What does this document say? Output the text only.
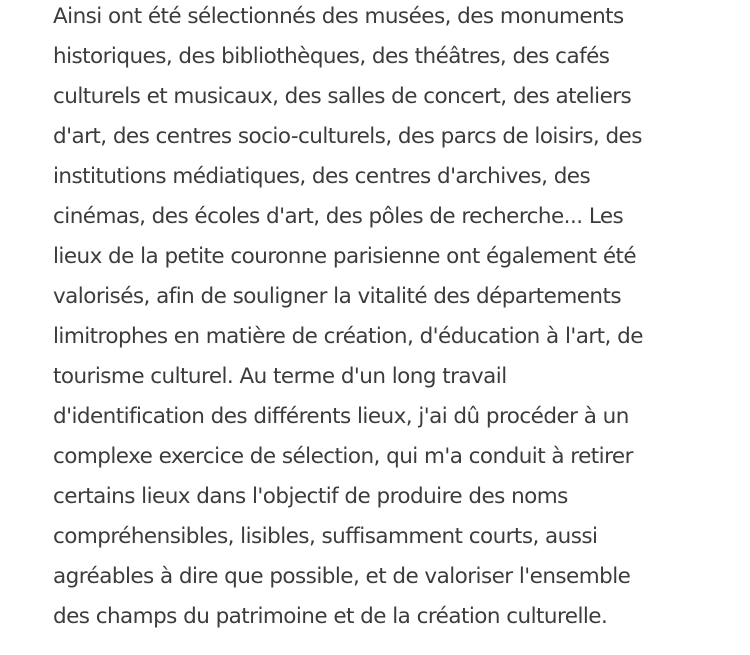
Ainsi ont été sélectionnés des musées, des monuments
historiques, des bibliothèques, des théâtres, des cafés
culturels et musicaux, des salles de concert, des ateliers
d'art, des centres socio-culturels, des parcs de loisirs, des
institutions médiatiques, des centres d'archives, des
cinémas, des écoles d'art, des pôles de recherche... Les
lieux de la petite couronne parisienne ont également été
valorisés, afin de souligner la vitalité des départements
limitrophes en matière de création, d'éducation à l'art, de
tourisme culturel. Au terme d'un long travail
d'identification des différents lieux, j'ai dû procéder à un
complexe exercice de sélection, qui m'a conduit à retirer
certains lieux dans l'objectif de produire des noms
compréhensibles, lisibles, suffisamment courts, aussi
agréables à dire que possible, et de valoriser l'ensemble
des champs du patrimoine et de la création culturelle.
